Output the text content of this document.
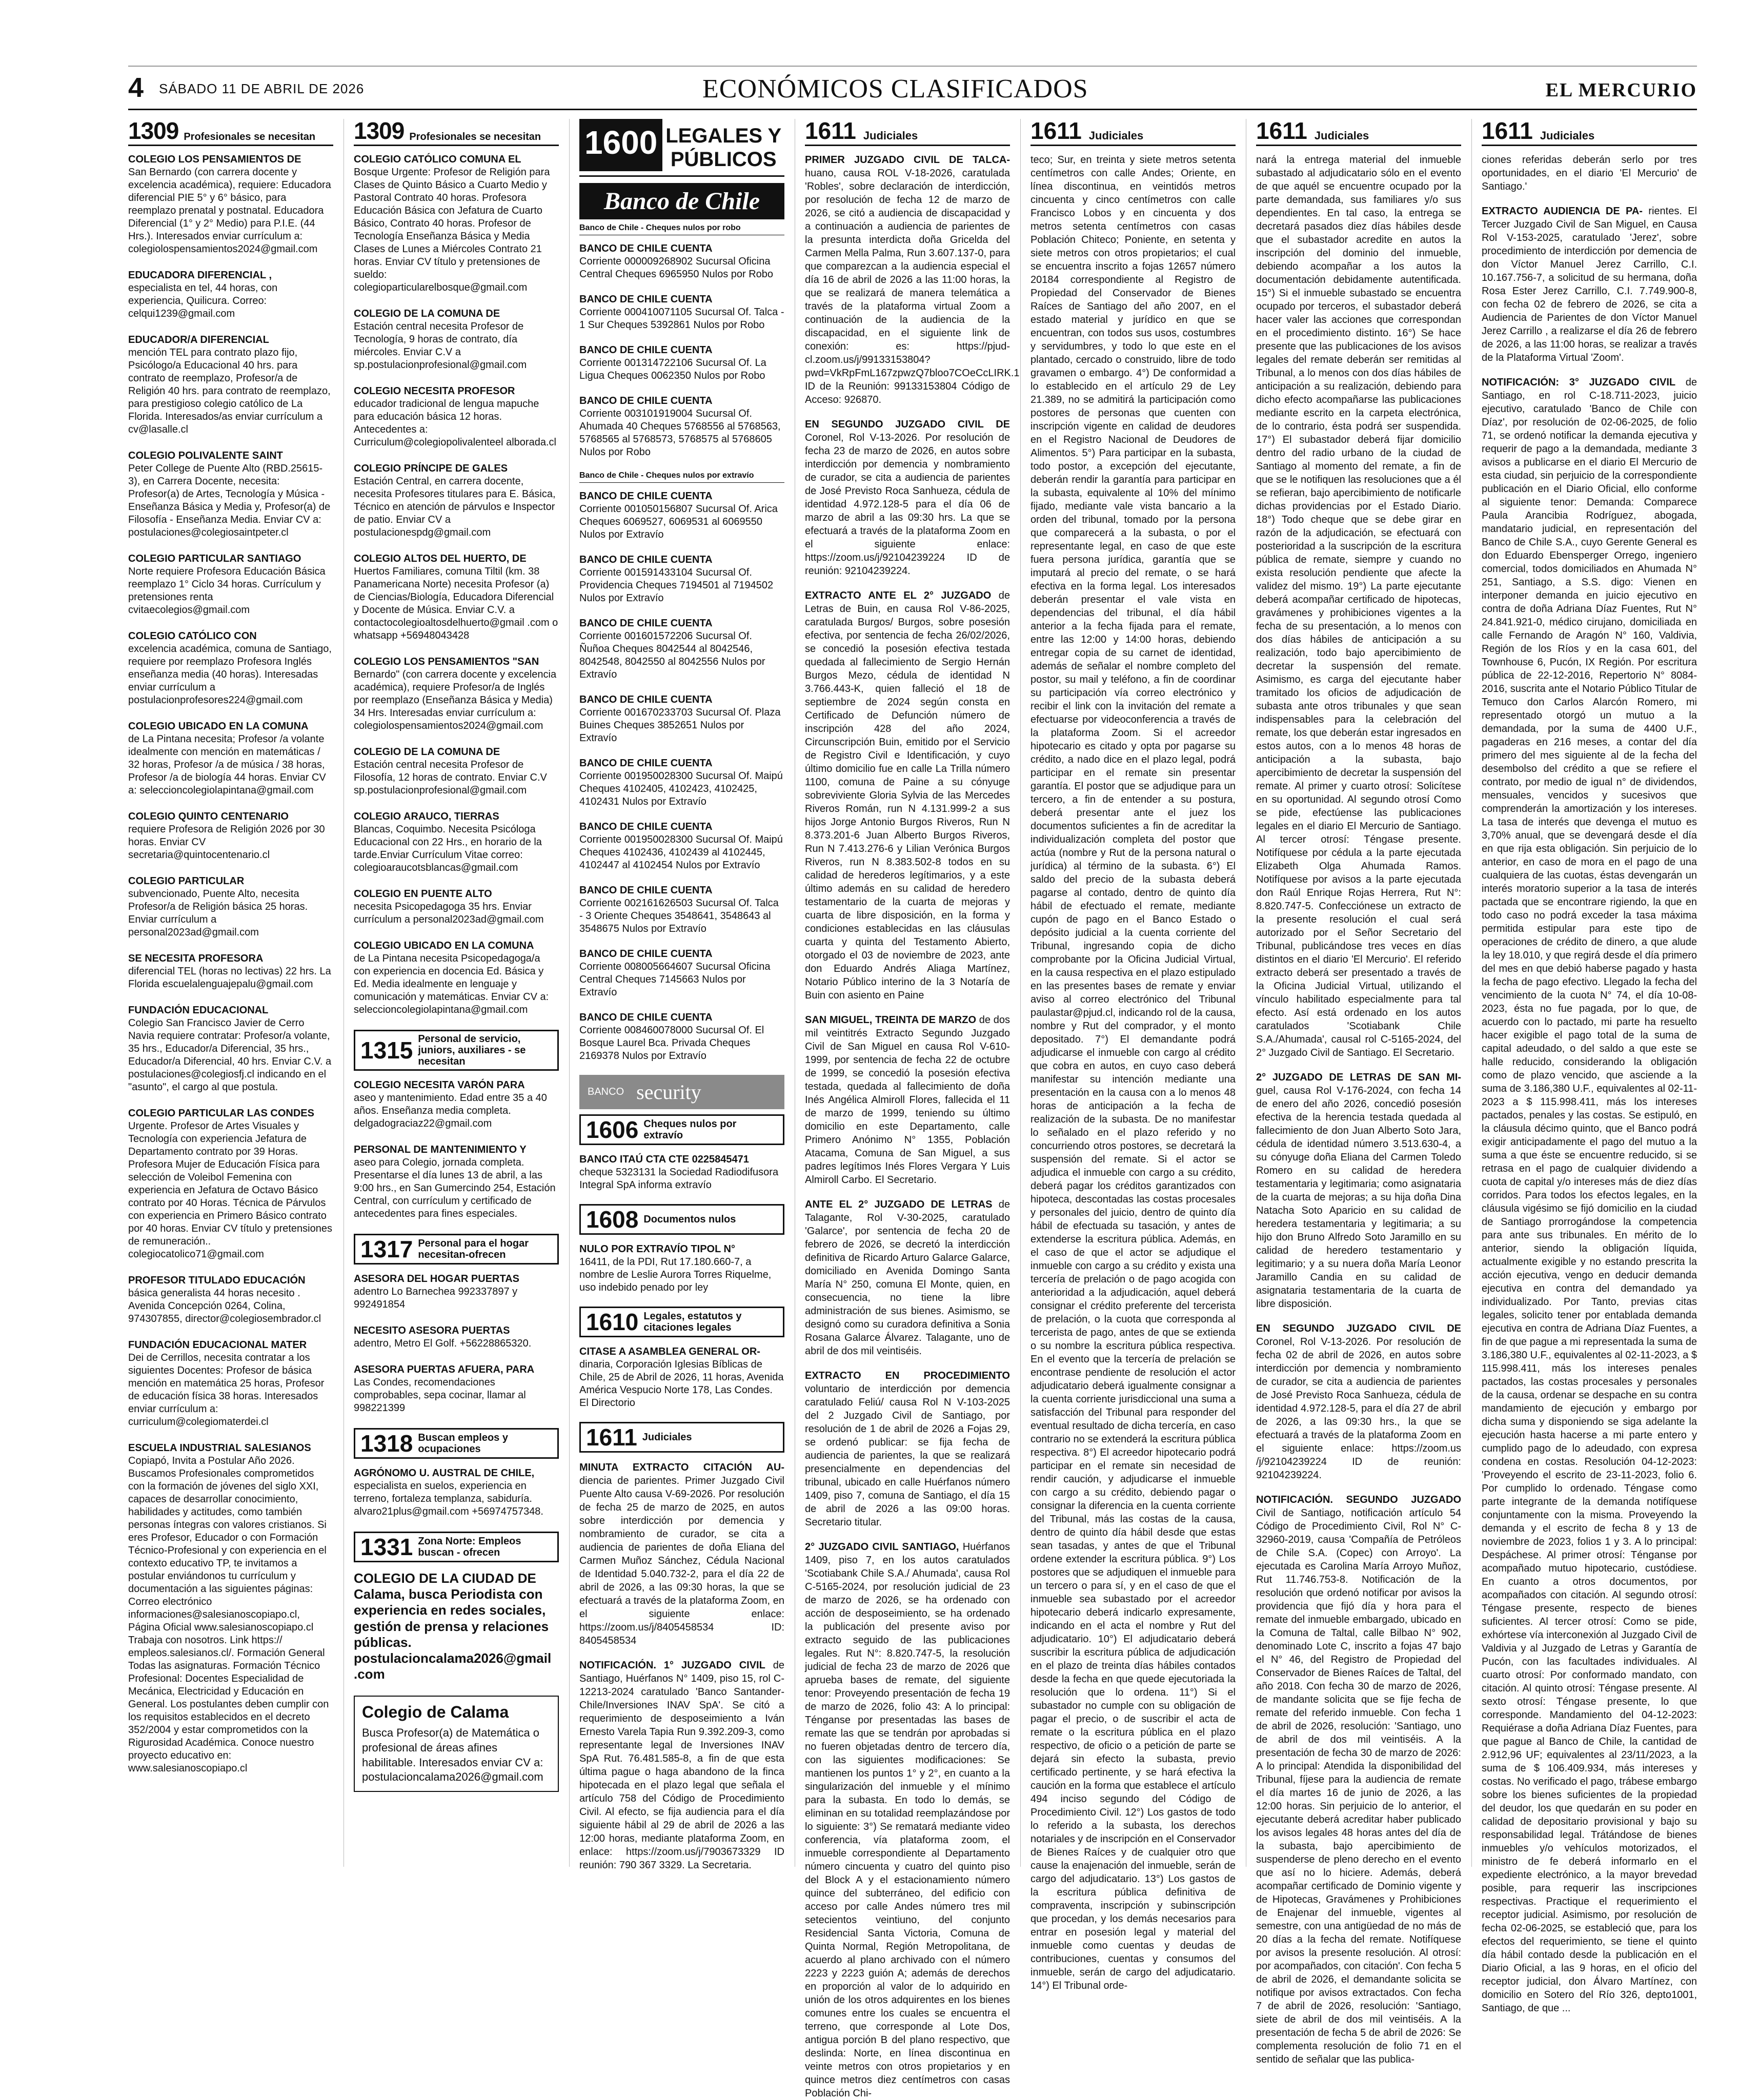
4 SÁBADO 11 DE ABRIL DE 2026	ECONÓMICOS CLASIFICADOS	EL MERCURIO
1309 Profesionales se necesitan
COLEGIO LOS PENSAMIENTOS DE
San Bernardo (con carrera docente y excelencia académica), requiere: Educadora diferencial PIE 5° y 6° básico, para reemplazo prenatal y postnatal. Educadora Diferencial (1° y 2° Medio) para P.I.E. (44 Hrs.). Interesados enviar currículum a: colegiolospensamientos2024@gmail.com
EDUCADORA DIFERENCIAL ,
especialista en tel, 44 horas, con experiencia, Quilicura. Correo: celqui1239@gmail.com
EDUCADOR/A DIFERENCIAL
mención TEL para contrato plazo fijo, Psicólogo/a Educacional 40 hrs. para contrato de reemplazo, Profesor/a de Religión 40 hrs. para contrato de reemplazo, para prestigioso colegio católico de La Florida. Interesados/as enviar currículum a cv@lasalle.cl
COLEGIO POLIVALENTE SAINT
Peter College de Puente Alto (RBD.25615-3), en Carrera Docente, necesita: Profesor(a) de Artes, Tecnología y Música - Enseñanza Básica y Media y, Profesor(a) de Filosofía - Enseñanza Media. Enviar CV a: postulaciones@colegiosaintpeter.cl
COLEGIO PARTICULAR SANTIAGO
Norte requiere Profesora Educación Básica reemplazo 1° Ciclo 34 horas. Currículum y pretensiones renta cvitaecolegios@gmail.com
COLEGIO CATÓLICO CON
excelencia académica, comuna de Santiago, requiere por reemplazo Profesora Inglés enseñanza media (40 horas). Interesadas enviar currículum a postulacionprofesores224@gmail.com
COLEGIO UBICADO EN LA COMUNA
de La Pintana necesita; Profesor /a volante idealmente con mención en matemáticas / 32 horas, Profesor /a de música / 38 horas, Profesor /a de biología 44 horas. Enviar CV a: seleccioncolegiolapintana@gmail.com
COLEGIO QUINTO CENTENARIO
requiere Profesora de Religión 2026 por 30 horas. Enviar CV secretaria@quintocentenario.cl
COLEGIO PARTICULAR
subvencionado, Puente Alto, necesita Profesor/a de Religión básica 25 horas. Enviar currículum a personal2023ad@gmail.com
SE NECESITA PROFESORA
diferencial TEL (horas no lectivas) 22 hrs. La Florida escuelalenguajepalu@gmail.com
FUNDACIÓN EDUCACIONAL
Colegio San Francisco Javier de Cerro Navia requiere contratar: Profesor/a volante, 35 hrs., Educador/a Diferencial, 35 hrs., Educador/a Diferencial, 40 hrs. Enviar C.V. a postulaciones@colegiosfj.cl indicando en el "asunto", el cargo al que postula.
COLEGIO PARTICULAR LAS CONDES
Urgente. Profesor de Artes Visuales y Tecnología con experiencia Jefatura de Departamento contrato por 39 Horas. Profesora Mujer de Educación Física para selección de Voleibol Femenina con experiencia en Jefatura de Octavo Básico contrato por 40 Horas. Técnica de Párvulos con experiencia en Primero Básico contrato por 40 horas. Enviar CV título y pretensiones de remuneración.. colegiocatolico71@gmail.com
PROFESOR TITULADO EDUCACIÓN
básica generalista 44 horas necesito . Avenida Concepción 0264, Colina, 974307855, director@colegiosembrador.cl
FUNDACIÓN EDUCACIONAL MATER
Dei de Cerrillos, necesita contratar a los siguientes Docentes: Profesor de básica mención en matemática 25 horas, Profesor de educación física 38 horas. Interesados enviar currículum a: curriculum@colegiomaterdei.cl
ESCUELA INDUSTRIAL SALESIANOS
Copiapó, Invita a Postular Año 2026. Buscamos Profesionales comprometidos con la formación de jóvenes del siglo XXI, capaces de desarrollar conocimiento, habilidades y actitudes, como también personas íntegras con valores cristianos. Si eres Profesor, Educador o con Formación Técnico-Profesional y con experiencia en el contexto educativo TP, te invitamos a postular enviándonos tu currículum y documentación a las siguientes páginas: Correo electrónico informaciones@salesianoscopiapo.cl, Página Oficial www.salesianoscopiapo.cl Trabaja con nosotros. Link https:// empleos.salesianos.cl/. Formación General Todas las asignaturas. Formación Técnico Profesional: Docentes Especialidad de Mecánica, Electricidad y Educación en General. Los postulantes deben cumplir con los requisitos establecidos en el decreto 352/2004 y estar comprometidos con la Rigurosidad Académica. Conoce nuestro proyecto educativo en: www.salesianoscopiapo.cl
1309 Profesionales se necesitan
COLEGIO CATÓLICO COMUNA EL
Bosque Urgente: Profesor de Religión para Clases de Quinto Básico a Cuarto Medio y Pastoral Contrato 40 horas. Profesora Educación Básica con Jefatura de Cuarto Básico, Contrato 40 horas. Profesor de Tecnología Enseñanza Básica y Media Clases de Lunes a Miércoles Contrato 21 horas. Enviar CV título y pretensiones de sueldo: colegioparticularelbosque@gmail.com
COLEGIO DE LA COMUNA DE
Estación central necesita Profesor de Tecnología, 9 horas de contrato, día miércoles. Enviar C.V a sp.postulacionprofesional@gmail.com
COLEGIO NECESITA PROFESOR
educador tradicional de lengua mapuche para educación básica 12 horas. Antecedentes a: Curriculum@colegiopolivalenteel alborada.cl
COLEGIO PRÍNCIPE DE GALES
Estación Central, en carrera docente, necesita Profesores titulares para E. Básica, Técnico en atención de párvulos e Inspector de patio. Enviar CV a postulacionespdg@gmail.com
COLEGIO ALTOS DEL HUERTO, DE
Huertos Familiares, comuna Tiltil (km. 38 Panamericana Norte) necesita Profesor (a) de Ciencias/Biología, Educadora Diferencial y Docente de Música. Enviar C.V. a contactocolegioaltosdelhuerto@gmail .com o whatsapp +56948043428
COLEGIO LOS PENSAMIENTOS "SAN
Bernardo" (con carrera docente y excelencia académica), requiere Profesor/a de Inglés por reemplazo (Enseñanza Básica y Media) 34 Hrs. Interesadas enviar currículum a: colegiolospensamientos2024@gmail.com
COLEGIO DE LA COMUNA DE
Estación central necesita Profesor de Filosofía, 12 horas de contrato. Enviar C.V sp.postulacionprofesional@gmail.com
COLEGIO ARAUCO, TIERRAS
Blancas, Coquimbo. Necesita Psicóloga Educacional con 22 Hrs., en horario de la tarde.Enviar Currículum Vitae correo: colegioaraucotsblancas@gmail.com
COLEGIO EN PUENTE ALTO
necesita Psicopedagoga 35 hrs. Enviar currículum a personal2023ad@gmail.com
COLEGIO UBICADO EN LA COMUNA
de La Pintana necesita Psicopedagoga/a con experiencia en docencia Ed. Básica y Ed. Media idealmente en lenguaje y comunicación y matemáticas. Enviar CV a: seleccioncolegiolapintana@gmail.com
1315 Personal de servicio, juniors, auxiliares - se necesitan
COLEGIO NECESITA VARÓN PARA
aseo y mantenimiento. Edad entre 35 a 40 años. Enseñanza media completa. delgadograciaz22@gmail.com
PERSONAL DE MANTENIMIENTO Y
aseo para Colegio, jornada completa. Presentarse el día lunes 13 de abril, a las 9:00 hrs., en San Gumercindo 254, Estación Central, con currículum y certificado de antecedentes para fines especiales.
1317 Personal para el hogar necesitan-ofrecen
ASESORA DEL HOGAR PUERTAS
adentro Lo Barnechea 992337897 y 992491854
NECESITO ASESORA PUERTAS
adentro, Metro El Golf. +56228865320.
ASESORA PUERTAS AFUERA, PARA
Las Condes, recomendaciones comprobables, sepa cocinar, llamar al 998221399
1318 Buscan empleos y ocupaciones
AGRÓNOMO U. AUSTRAL DE CHILE,
especialista en suelos, experiencia en terreno, fortaleza templanza, sabiduría. alvaro21plus@gmail.com +56974757348.
1331 Zona Norte: Empleos buscan - ofrecen
COLEGIO DE LA CIUDAD DE Calama, busca Periodista con experiencia en redes sociales, gestión de prensa y relaciones públicas. postulacioncalama2026@gmail .com
Colegio de Calama
Busca Profesor(a) de Matemática o profesional de áreas afines habilitable. Interesados enviar CV a: postulacioncalama2026@gmail.com
1600 LEGALES Y PÚBLICOS
Banco de Chile
Banco de Chile - Cheques nulos por robo
BANCO DE CHILE CUENTA
Corriente 000009268902 Sucursal Oficina Central Cheques 6965950 Nulos por Robo
BANCO DE CHILE CUENTA
Corriente 000410071105 Sucursal Of. Talca - 1 Sur Cheques 5392861 Nulos por Robo
BANCO DE CHILE CUENTA
Corriente 001314722106 Sucursal Of. La Ligua Cheques 0062350 Nulos por Robo
BANCO DE CHILE CUENTA
Corriente 003101919004 Sucursal Of. Ahumada 40 Cheques 5768556 al 5768563, 5768565 al 5768573, 5768575 al 5768605 Nulos por Robo
Banco de Chile - Cheques nulos por extravío
BANCO DE CHILE CUENTA
Corriente 001050156807 Sucursal Of. Arica Cheques 6069527, 6069531 al 6069550 Nulos por Extravío
BANCO DE CHILE CUENTA
Corriente 001591433104 Sucursal Of. Providencia Cheques 7194501 al 7194502 Nulos por Extravío
BANCO DE CHILE CUENTA
Corriente 001601572206 Sucursal Of. Ñuñoa Cheques 8042544 al 8042546, 8042548, 8042550 al 8042556 Nulos por Extravío
BANCO DE CHILE CUENTA
Corriente 001670233703 Sucursal Of. Plaza Buines Cheques 3852651 Nulos por Extravío
BANCO DE CHILE CUENTA
Corriente 001950028300 Sucursal Of. Maipú Cheques 4102405, 4102423, 4102425, 4102431 Nulos por Extravío
BANCO DE CHILE CUENTA
Corriente 001950028300 Sucursal Of. Maipú Cheques 4102436, 4102439 al 4102445, 4102447 al 4102454 Nulos por Extravío
BANCO DE CHILE CUENTA
Corriente 002161626503 Sucursal Of. Talca - 3 Oriente Cheques 3548641, 3548643 al 3548675 Nulos por Extravío
BANCO DE CHILE CUENTA
Corriente 008005664607 Sucursal Oficina Central Cheques 7145663 Nulos por Extravío
BANCO DE CHILE CUENTA
Corriente 008460078000 Sucursal Of. El Bosque Laurel Bca. Privada Cheques 2169378 Nulos por Extravío
BANCO security
1606 Cheques nulos por extravío
BANCO ITAÚ CTA CTE 0225845471
cheque 5323131 la Sociedad Radiodifusora Integral SpA informa extravío
1608 Documentos nulos
NULO POR EXTRAVÍO TIPOL N°
16411, de la PDI, Rut 17.180.660-7, a nombre de Leslie Aurora Torres Riquelme, uso indebido penado por ley
1610 Legales, estatutos y citaciones legales
CITASE A ASAMBLEA GENERAL OR-
dinaria, Corporación Iglesias Bíblicas de Chile, 25 de Abril de 2026, 11 horas, Avenida América Vespucio Norte 178, Las Condes. El Directorio
1611 Judiciales
MINUTA EXTRACTO CITACIÓN AU- diencia de parientes. Primer Juzgado Civil Puente Alto causa V-69-2026. Por resolución de fecha 25 de marzo de 2025, en autos sobre interdicción por demencia y nombramiento de curador, se cita a audiencia de parientes de doña Eliana del Carmen Muñoz Sánchez, Cédula Nacional de Identidad 5.040.732-2, para el día 22 de abril de 2026, a las 09:30 horas, la que se efectuará a través de la plataforma Zoom, en el siguiente enlace: https://zoom.us/j/8405458534 ID: 8405458534
NOTIFICACIÓN. 1° JUZGADO CIVIL de Santiago, Huérfanos N° 1409, piso 15, rol C-12213-2024 caratulado 'Banco Santander-Chile/Inversiones INAV SpA'. Se citó a requerimiento de desposeimiento a Iván Ernesto Varela Tapia Run 9.392.209-3, como representante legal de Inversiones INAV SpA Rut. 76.481.585-8, a fin de que esta última pague o haga abandono de la finca hipotecada en el plazo legal que señala el artículo 758 del Código de Procedimiento Civil. Al efecto, se fija audiencia para el día siguiente hábil al 29 de abril de 2026 a las 12:00 horas, mediante plataforma Zoom, en enlace: https://zoom.us/j/7903673329 ID reunión: 790 367 3329. La Secretaria.
1611 Judiciales
PRIMER JUZGADO CIVIL DE TALCA- huano, causa ROL V-18-2026, caratulada 'Robles', sobre declaración de interdicción, por resolución de fecha 12 de marzo de 2026, se citó a audiencia de discapacidad y a continuación a audiencia de parientes de la presunta interdicta doña Gricelda del Carmen Mella Palma, Run 3.607.137-0, para que comparezcan a la audiencia especial el día 16 de abril de 2026 a las 11:00 horas, la que se realizará de manera telemática a través de la plataforma virtual Zoom a continuación de la audiencia de la discapacidad, en el siguiente link de conexión: es: https://pjud-cl.zoom.us/j/99133153804? pwd=VkRpFmL167zpwzQ7bloo7COeCcLIRK.1 ID de la Reunión: 99133153804 Código de Acceso: 926870.
EN SEGUNDO JUZGADO CIVIL DE Coronel, Rol V-13-2026. Por resolución de fecha 23 de marzo de 2026, en autos sobre interdicción por demencia y nombramiento de curador, se cita a audiencia de parientes de José Previsto Roca Sanhueza, cédula de identidad 4.972.128-5 para el día 06 de marzo de abril a las 09:30 hrs. La que se efectuará a través de la plataforma Zoom en el siguiente enlace: https://zoom.us/j/92104239224 ID de reunión: 92104239224.
EXTRACTO ANTE EL 2° JUZGADO de Letras de Buin, en causa Rol V-86-2025, caratulada Burgos/ Burgos, sobre posesión efectiva, por sentencia de fecha 26/02/2026, se concedió la posesión efectiva testada quedada al fallecimiento de Sergio Hernán Burgos Mezo, cédula de identidad N 3.766.443-K, quien falleció el 18 de septiembre de 2024 según consta en Certificado de Defunción número de inscripción 428 del año 2024, Circunscripción Buin, emitido por el Servicio de Registro Civil e Identificación, y cuyo último domicilio fue en calle La Trilla número 1100, comuna de Paine a su cónyuge sobreviviente Gloria Sylvia de las Mercedes Riveros Román, run N 4.131.999-2 a sus hijos Jorge Antonio Burgos Riveros, Run N 8.373.201-6 Juan Alberto Burgos Riveros, Run N 7.413.276-6 y Lilian Verónica Burgos Riveros, run N 8.383.502-8 todos en su calidad de herederos legítimarios, y a este último además en su calidad de heredero testamentario de la cuarta de mejoras y cuarta de libre disposición, en la forma y condiciones establecidas en las cláusulas cuarta y quinta del Testamento Abierto, otorgado el 03 de noviembre de 2023, ante don Eduardo Andrés Aliaga Martínez, Notario Público interino de la 3 Notaría de Buin con asiento en Paine
SAN MIGUEL, TREINTA DE MARZO de dos mil veintitrés Extracto Segundo Juzgado Civil de San Miguel en causa Rol V-610-1999, por sentencia de fecha 22 de octubre de 1999, se concedió la posesión efectiva testada, quedada al fallecimiento de doña Inés Angélica Almiroll Flores, fallecida el 11 de marzo de 1999, teniendo su último domicilio en este Departamento, calle Primero Anónimo N° 1355, Población Atacama, Comuna de San Miguel, a sus padres legítimos Inés Flores Vergara Y Luis Almiroll Carbo. El Secretario.
ANTE EL 2° JUZGADO DE LETRAS de Talagante, Rol V-30-2025, caratulado 'Galarce', por sentencia de fecha 20 de febrero de 2026, se decretó la interdicción definitiva de Ricardo Arturo Galarce Galarce, domiciliado en Avenida Domingo Santa María N° 250, comuna El Monte, quien, en consecuencia, no tiene la libre administración de sus bienes. Asimismo, se designó como su curadora definitiva a Sonia Rosana Galarce Álvarez. Talagante, uno de abril de dos mil veintiséis.
EXTRACTO EN PROCEDIMIENTO voluntario de interdicción por demencia caratulado Feliú/ causa Rol N V-103-2025 del 2 Juzgado Civil de Santiago, por resolución de 1 de abril de 2026 a Fojas 29, se ordenó publicar: se fija fecha de audiencia de parientes, la que se realizará presencialmente en dependencias del tribunal, ubicado en calle Huérfanos número 1409, piso 7, comuna de Santiago, el día 15 de abril de 2026 a las 09:00 horas. Secretario titular.
2° JUZGADO CIVIL SANTIAGO, Huérfanos 1409, piso 7, en los autos caratulados 'Scotiabank Chile S.A./ Ahumada', causa Rol C-5165-2024, por resolución judicial de 23 de marzo de 2026, se ha ordenado con acción de desposeimiento, se ha ordenado la publicación del presente aviso por extracto seguido de las publicaciones legales. Rut N°: 8.820.747-5, la resolución judicial de fecha 23 de marzo de 2026 que aprueba bases de remate, del siguiente tenor: Proveyendo presentación de fecha 19 de marzo de 2026, folio 43: A lo principal: Ténganse por presentadas las bases de remate las que se tendrán por aprobadas si no fueren objetadas dentro de tercero día, con las siguientes modificaciones: Se mantienen los puntos 1° y 2°, en cuanto a la singularización del inmueble y el mínimo para la subasta. En todo lo demás, se eliminan en su totalidad reemplazándose por lo siguiente: 3°) Se rematará mediante video conferencia, vía plataforma zoom, el inmueble correspondiente al Departamento número cincuenta y cuatro del quinto piso del Block A y el estacionamiento número quince del subterráneo, del edificio con acceso por calle Andes número tres mil setecientos veintiuno, del conjunto Residencial Santa Victoria, Comuna de Quinta Normal, Región Metropolitana, de acuerdo al plano archivado con el número 2223 y 2223 guión A; además de derechos en proporción al valor de lo adquirido en unión de los otros adquirentes en los bienes comunes entre los cuales se encuentra el terreno, que corresponde al Lote Dos, antigua porción B del plano respectivo, que deslinda: Norte, en línea discontinua en veinte metros con otros propietarios y en quince metros diez centímetros con casas Población Chi-
1611 Judiciales
teco; Sur, en treinta y siete metros setenta centímetros con calle Andes; Oriente, en línea discontinua, en veintidós metros cincuenta y cinco centímetros con calle Francisco Lobos y en cincuenta y dos metros setenta centímetros con casas Población Chiteco; Poniente, en setenta y siete metros con otros propietarios; el cual se encuentra inscrito a fojas 12657 número 20184 correspondiente al Registro de Propiedad del Conservador de Bienes Raíces de Santiago del año 2007, en el estado material y jurídico en que se encuentran, con todos sus usos, costumbres y servidumbres, y todo lo que este en el plantado, cercado o construido, libre de todo gravamen o embargo. 4°) De conformidad a lo establecido en el artículo 29 de Ley 21.389, no se admitirá la participación como postores de personas que cuenten con inscripción vigente en calidad de deudores en el Registro Nacional de Deudores de Alimentos. 5°) Para participar en la subasta, todo postor, a excepción del ejecutante, deberán rendir la garantía para participar en la subasta, equivalente al 10% del mínimo fijado, mediante vale vista bancario a la orden del tribunal, tomado por la persona que comparecerá a la subasta, o por el representante legal, en caso de que este fuera persona jurídica, garantía que se imputará al precio del remate, o se hará efectiva en la forma legal. Los interesados deberán presentar el vale vista en dependencias del tribunal, el día hábil anterior a la fecha fijada para el remate, entre las 12:00 y 14:00 horas, debiendo entregar copia de su carnet de identidad, además de señalar el nombre completo del postor, su mail y teléfono, a fin de coordinar su participación vía correo electrónico y recibir el link con la invitación del remate a efectuarse por videoconferencia a través de la plataforma Zoom. Si el acreedor hipotecario es citado y opta por pagarse su crédito, a nado dice en el plazo legal, podrá participar en el remate sin presentar garantía. El postor que se adjudique para un tercero, a fin de entender a su postura, deberá presentar ante el juez los documentos suficientes a fin de acreditar la individualización completa del postor que actúa (nombre y Rut de la persona natural o jurídica) al término de la subasta. 6°) El saldo del precio de la subasta deberá pagarse al contado, dentro de quinto día hábil de efectuado el remate, mediante cupón de pago en el Banco Estado o depósito judicial a la cuenta corriente del Tribunal, ingresando copia de dicho comprobante por la Oficina Judicial Virtual, en la causa respectiva en el plazo estipulado en las presentes bases de remate y enviar aviso al correo electrónico del Tribunal paulastar@pjud.cl, indicando rol de la causa, nombre y Rut del comprador, y el monto depositado. 7°) El demandante podrá adjudicarse el inmueble con cargo al crédito que cobra en autos, en cuyo caso deberá manifestar su intención mediante una presentación en la causa con a lo menos 48 horas de anticipación a la fecha de realización de la subasta. De no manifestar lo señalado en el plazo referido y no concurriendo otros postores, se decretará la suspensión del remate. Si el actor se adjudica el inmueble con cargo a su crédito, deberá pagar los créditos garantizados con hipoteca, descontadas las costas procesales y personales del juicio, dentro de quinto día hábil de efectuada su tasación, y antes de extenderse la escritura pública. Además, en el caso de que el actor se adjudique el inmueble con cargo a su crédito y exista una tercería de prelación o de pago acogida con anterioridad a la adjudicación, aquel deberá consignar el crédito preferente del tercerista de prelación, o la cuota que corresponda al tercerista de pago, antes de que se extienda o su nombre la escritura pública respectiva. En el evento que la tercería de prelación se encontrase pendiente de resolución el actor adjudicatario deberá igualmente consignar a la cuenta corriente jurisdiccional una suma a satisfacción del Tribunal para responder del eventual resultado de dicha tercería, en caso contrario no se extenderá la escritura pública respectiva. 8°) El acreedor hipotecario podrá participar en el remate sin necesidad de rendir caución, y adjudicarse el inmueble con cargo a su crédito, debiendo pagar o consignar la diferencia en la cuenta corriente del Tribunal, más las costas de la causa, dentro de quinto día hábil desde que estas sean tasadas, y antes de que el Tribunal ordene extender la escritura pública. 9°) Los postores que se adjudiquen el inmueble para un tercero o para sí, y en el caso de que el inmueble sea subastado por el acreedor hipotecario deberá indicarlo expresamente, indicando en el acta el nombre y Rut del adjudicatario. 10°) El adjudicatario deberá suscribir la escritura pública de adjudicación en el plazo de treinta días hábiles contados desde la fecha en que quede ejecutoriada la resolución que lo ordena. 11°) Si el subastador no cumple con su obligación de pagar el precio, o de suscribir el acta de remate o la escritura pública en el plazo respectivo, de oficio o a petición de parte se dejará sin efecto la subasta, previo certificado pertinente, y se hará efectiva la caución en la forma que establece el artículo 494 inciso segundo del Código de Procedimiento Civil. 12°) Los gastos de todo lo referido a la subasta, los derechos notariales y de inscripción en el Conservador de Bienes Raíces y de cualquier otro que cause la enajenación del inmueble, serán de cargo del adjudicatario. 13°) Los gastos de la escritura pública definitiva de compraventa, inscripción y subinscripción que procedan, y los demás necesarios para entrar en posesión legal y material del inmueble como cuentas y deudas de contribuciones, cuentas y consumos del inmueble, serán de cargo del adjudicatario. 14°) El Tribunal orde-
1611 Judiciales
nará la entrega material del inmueble subastado al adjudicatario sólo en el evento de que aquél se encuentre ocupado por la parte demandada, sus familiares y/o sus dependientes. En tal caso, la entrega se decretará pasados diez días hábiles desde que el subastador acredite en autos la inscripción del dominio del inmueble, debiendo acompañar a los autos la documentación debidamente autentificada. 15°) Si el inmueble subastado se encuentra ocupado por terceros, el subastador deberá hacer valer las acciones que correspondan en el procedimiento distinto. 16°) Se hace presente que las publicaciones de los avisos legales del remate deberán ser remitidas al Tribunal, a lo menos con dos días hábiles de anticipación a su realización, debiendo para dicho efecto acompañarse las publicaciones mediante escrito en la carpeta electrónica, de lo contrario, ésta podrá ser suspendida. 17°) El subastador deberá fijar domicilio dentro del radio urbano de la ciudad de Santiago al momento del remate, a fin de que se le notifiquen las resoluciones que a él se refieran, bajo apercibimiento de notificarle dichas providencias por el Estado Diario. 18°) Todo cheque que se debe girar en razón de la adjudicación, se efectuará con posterioridad a la suscripción de la escritura pública de remate, siempre y cuando no exista resolución pendiente que afecte la validez del mismo. 19°) La parte ejecutante deberá acompañar certificado de hipotecas, gravámenes y prohibiciones vigentes a la fecha de su presentación, a lo menos con dos días hábiles de anticipación a su realización, todo bajo apercibimiento de decretar la suspensión del remate. Asimismo, es carga del ejecutante haber tramitado los oficios de adjudicación de subasta ante otros tribunales y que sean indispensables para la celebración del remate, los que deberán estar ingresados en estos autos, con a lo menos 48 horas de anticipación a la subasta, bajo apercibimiento de decretar la suspensión del remate. Al primer y cuarto otrosí: Solicítese en su oportunidad. Al segundo otrosí Como se pide, efectúense las publicaciones legales en el diario El Mercurio de Santiago. Al tercer otrosí: Téngase presente. Notifíquese por cédula a la parte ejecutada Elizabeth Olga Ahumada Ramos. Notifíquese por avisos a la parte ejecutada don Raúl Enrique Rojas Herrera, Rut N°: 8.820.747-5. Confecciónese un extracto de la presente resolución el cual será autorizado por el Señor Secretario del Tribunal, publicándose tres veces en días distintos en el diario 'El Mercurio'. El referido extracto deberá ser presentado a través de la Oficina Judicial Virtual, utilizando el vínculo habilitado especialmente para tal efecto. Así está ordenado en los autos caratulados 'Scotiabank Chile S.A./Ahumada', causal rol C-5165-2024, del 2° Juzgado Civil de Santiago. El Secretario.
2° JUZGADO DE LETRAS DE SAN MI- guel, causa Rol V-176-2024, con fecha 14 de enero del año 2026, concedió posesión efectiva de la herencia testada quedada al fallecimiento de don Juan Alberto Soto Jara, cédula de identidad número 3.513.630-4, a su cónyuge doña Eliana del Carmen Toledo Romero en su calidad de heredera testamentaria y legitimaria; como asignataria de la cuarta de mejoras; a su hija doña Dina Natacha Soto Aparicio en su calidad de heredera testamentaria y legitimaria; a su hijo don Bruno Alfredo Soto Jaramillo en su calidad de heredero testamentario y legitimario; y a su nuera doña María Leonor Jaramillo Candia en su calidad de asignataria testamentaria de la cuarta de libre disposición.
EN SEGUNDO JUZGADO CIVIL DE Coronel, Rol V-13-2026. Por resolución de fecha 02 de abril de 2026, en autos sobre interdicción por demencia y nombramiento de curador, se cita a audiencia de parientes de José Previsto Roca Sanhueza, cédula de identidad 4.972.128-5, para el día 27 de abril de 2026, a las 09:30 hrs., la que se efectuará a través de la plataforma Zoom en el siguiente enlace: https://zoom.us /j/92104239224 ID de reunión: 92104239224.
NOTIFICACIÓN. SEGUNDO JUZGADO Civil de Santiago, notificación artículo 54 Código de Procedimiento Civil, Rol N° C-32960-2019, causa 'Compañía de Petróleos de Chile S.A. (Copec) con Arroyo'. La ejecutada es Carolina María Arroyo Muñoz, Rut 11.746.753-8. Notificación de la resolución que ordenó notificar por avisos la providencia que fijó día y hora para el remate del inmueble embargado, ubicado en la Comuna de Taltal, calle Bilbao N° 902, denominado Lote C, inscrito a fojas 47 bajo el N° 46, del Registro de Propiedad del Conservador de Bienes Raíces de Taltal, del año 2018. Con fecha 30 de marzo de 2026, de mandante solicita que se fije fecha de remate del referido inmueble. Con fecha 1 de abril de 2026, resolución: 'Santiago, uno de abril de dos mil veintiséis. A la presentación de fecha 30 de marzo de 2026: A lo principal: Atendida la disponibilidad del Tribunal, fíjese para la audiencia de remate el día martes 16 de junio de 2026, a las 12:00 horas. Sin perjuicio de lo anterior, el ejecutante deberá acreditar haber publicado los avisos legales 48 horas antes del día de la subasta, bajo apercibimiento de suspenderse de pleno derecho en el evento que así no lo hiciere. Además, deberá acompañar certificado de Dominio vigente y de Hipotecas, Gravámenes y Prohibiciones de Enajenar del inmueble, vigentes al semestre, con una antigüedad de no más de 20 días a la fecha del remate. Notifíquese por avisos la presente resolución. Al otrosí: por acompañados, con citación'. Con fecha 5 de abril de 2026, el demandante solicita se notifique por avisos extractados. Con fecha 7 de abril de 2026, resolución: 'Santiago, siete de abril de dos mil veintiséis. A la presentación de fecha 5 de abril de 2026: Se complementa resolución de folio 71 en el sentido de señalar que las publica-
1611 Judiciales
ciones referidas deberán serlo por tres oportunidades, en el diario 'El Mercurio' de Santiago.'
EXTRACTO AUDIENCIA DE PA- rientes. El Tercer Juzgado Civil de San Miguel, en Causa Rol V-153-2025, caratulado 'Jerez', sobre procedimiento de interdicción por demencia de don Víctor Manuel Jerez Carrillo, C.I. 10.167.756-7, a solicitud de su hermana, doña Rosa Ester Jerez Carrillo, C.I. 7.749.900-8, con fecha 02 de febrero de 2026, se cita a Audiencia de Parientes de don Víctor Manuel Jerez Carrillo , a realizarse el día 26 de febrero de 2026, a las 11:00 horas, se realizar a través de la Plataforma Virtual 'Zoom'.
NOTIFICACIÓN: 3° JUZGADO CIVIL de Santiago, en rol C-18.711-2023, juicio ejecutivo, caratulado 'Banco de Chile con Díaz', por resolución de 02-06-2025, de folio 71, se ordenó notificar la demanda ejecutiva y requerir de pago a la demandada, mediante 3 avisos a publicarse en el diario El Mercurio de esta ciudad, sin perjuicio de la correspondiente publicación en el Diario Oficial, ello conforme al siguiente tenor: Demanda: Comparece Paula Arancibia Rodríguez, abogada, mandatario judicial, en representación del Banco de Chile S.A., cuyo Gerente General es don Eduardo Ebensperger Orrego, ingeniero comercial, todos domiciliados en Ahumada N° 251, Santiago, a S.S. digo: Vienen en interponer demanda en juicio ejecutivo en contra de doña Adriana Díaz Fuentes, Rut N° 24.841.921-0, médico cirujano, domiciliada en calle Fernando de Aragón N° 160, Valdivia, Región de los Ríos y en la casa 601, del Townhouse 6, Pucón, IX Región. Por escritura pública de 22-12-2016, Repertorio N° 8084-2016, suscrita ante el Notario Público Titular de Temuco don Carlos Alarcón Romero, mi representado otorgó un mutuo a la demandada, por la suma de 4400 U.F., pagaderas en 216 meses, a contar del día primero del mes siguiente al de la fecha del desembolso del crédito a que se refiere el contrato, por medio de igual n° de dividendos, mensuales, vencidos y sucesivos que comprenderán la amortización y los intereses. La tasa de interés que devenga el mutuo es 3,70% anual, que se devengará desde el día en que rija esta obligación. Sin perjuicio de lo anterior, en caso de mora en el pago de una cualquiera de las cuotas, éstas devengarán un interés moratorio superior a la tasa de interés pactada que se encontrare rigiendo, la que en todo caso no podrá exceder la tasa máxima permitida estipular para este tipo de operaciones de crédito de dinero, a que alude la ley 18.010, y que regirá desde el día primero del mes en que debió haberse pagado y hasta la fecha de pago efectivo. Llegado la fecha del vencimiento de la cuota N° 74, el día 10-08-2023, ésta no fue pagada, por lo que, de acuerdo con lo pactado, mi parte ha resuelto hacer exigible el pago total de la suma de capital adeudado, o del saldo a que este se halle reducido, considerando la obligación como de plazo vencido, que asciende a la suma de 3.186,380 U.F., equivalentes al 02-11-2023 a $ 115.998.411, más los intereses pactados, penales y las costas. Se estipuló, en la cláusula décimo quinto, que el Banco podrá exigir anticipadamente el pago del mutuo a la suma a que éste se encuentre reducido, si se retrasa en el pago de cualquier dividendo a cuota de capital y/o intereses más de diez días corridos. Para todos los efectos legales, en la cláusula vigésimo se fijó domicilio en la ciudad de Santiago prorrogándose la competencia para ante sus tribunales. En mérito de lo anterior, siendo la obligación líquida, actualmente exigible y no estando prescrita la acción ejecutiva, vengo en deducir demanda ejecutiva en contra del demandado ya individualizado. Por Tanto, previas citas legales, solicito tener por entablada demanda ejecutiva en contra de Adriana Díaz Fuentes, a fin de que pague a mi representada la suma de 3.186,380 U.F., equivalentes al 02-11-2023, a $ 115.998.411, más los intereses penales pactados, las costas procesales y personales de la causa, ordenar se despache en su contra mandamiento de ejecución y embargo por dicha suma y disponiendo se siga adelante la ejecución hasta hacerse a mi parte entero y cumplido pago de lo adeudado, con expresa condena en costas. Resolución 04-12-2023: 'Proveyendo el escrito de 23-11-2023, folio 6. Por cumplido lo ordenado. Téngase como parte integrante de la demanda notifíquese conjuntamente con la misma. Proveyendo la demanda y el escrito de fecha 8 y 13 de noviembre de 2023, folios 1 y 3. A lo principal: Despáchese. Al primer otrosí: Ténganse por acompañado mutuo hipotecario, custódiese. En cuanto a otros documentos, por acompañados con citación. Al segundo otrosí: Téngase presente, respecto de bienes suficientes. Al tercer otrosí: Como se pide, exhórtese vía interconexión al Juzgado Civil de Valdivia y al Juzgado de Letras y Garantía de Pucón, con las facultades individuales. Al cuarto otrosí: Por conformado mandato, con citación. Al quinto otrosí: Téngase presente. Al sexto otrosí: Téngase presente, lo que corresponde. Mandamiento del 04-12-2023: Requiérase a doña Adriana Díaz Fuentes, para que pague al Banco de Chile, la cantidad de 2.912,96 UF; equivalentes al 23/11/2023, a la suma de $ 106.409.934, más intereses y costas. No verificado el pago, trábese embargo sobre los bienes suficientes de la propiedad del deudor, los que quedarán en su poder en calidad de depositario provisional y bajo su responsabilidad legal. Trátándose de bienes inmuebles y/o vehículos motorizados, el ministro de fe deberá informarlo en el expediente electrónico, a la mayor brevedad posible, para requerir las inscripciones respectivas. Practique el requerimiento el receptor judicial. Asimismo, por resolución de fecha 02-06-2025, se estableció que, para los efectos del requerimiento, se tiene el quinto día hábil contado desde la publicación en el Diario Oficial, a las 9 horas, en el oficio del receptor judicial, don Álvaro Martínez, con domicilio en Sotero del Río 326, depto1001, Santiago, de que ...
